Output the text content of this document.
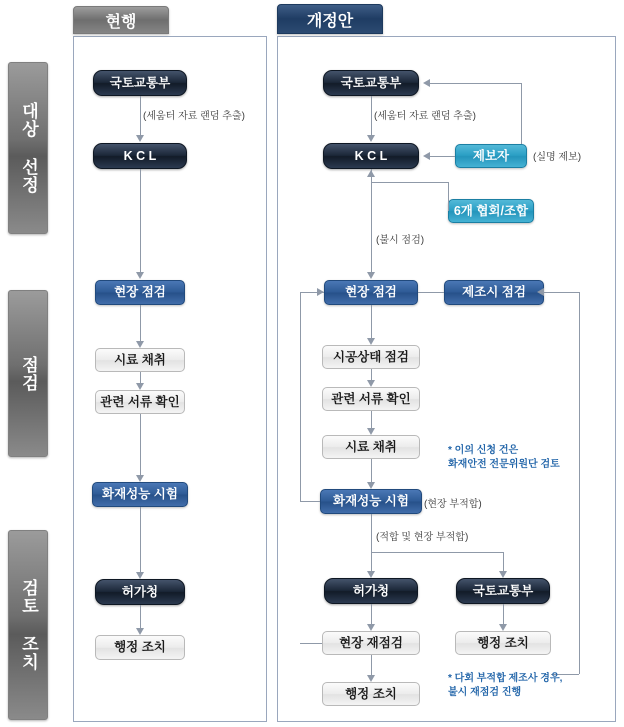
대상 선정
점검
검토 조치
현행	개정안
국토교통부
(세움터 자료 랜덤 추출)
K C L
현장 점검
시료 채취
관련 서류 확인
화재성능 시험
허가청
행정 조치
국토교통부
(세움터 자료 랜덤 추출)
K C L	제보자 (실명 제보)
6개 협회/조합
(불시 점검)
현장 점검	제조시 점검
시공상태 점검
관련 서류 확인
시료 채취
화재성능 시험 (현장 부적합)
* 이의 신청 건은
화재안전 전문위원단 검토
(적합 및 현장 부적합)
허가청	국토교통부
현장 재점검	행정 조치
행정 조치
* 다회 부적합 제조사 경우,
불시 재점검 진행
